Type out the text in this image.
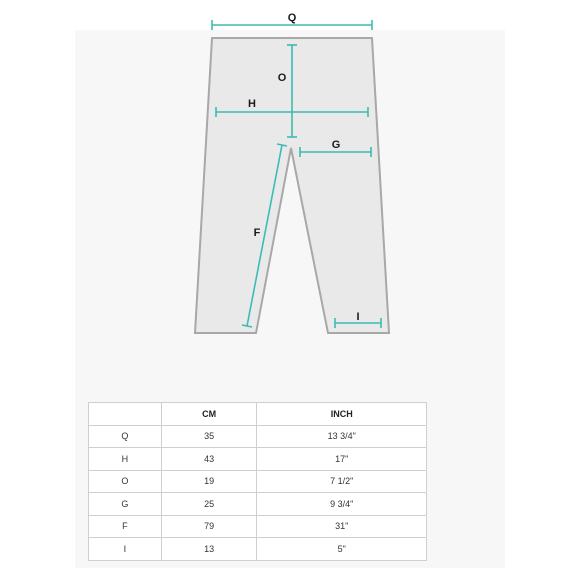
Q
O
H
G
F
I
	CM	INCH
Q	35	13 3/4"
H	43	17"
O	19	7 1/2"
G	25	9 3/4"
F	79	31"
I	13	5"
